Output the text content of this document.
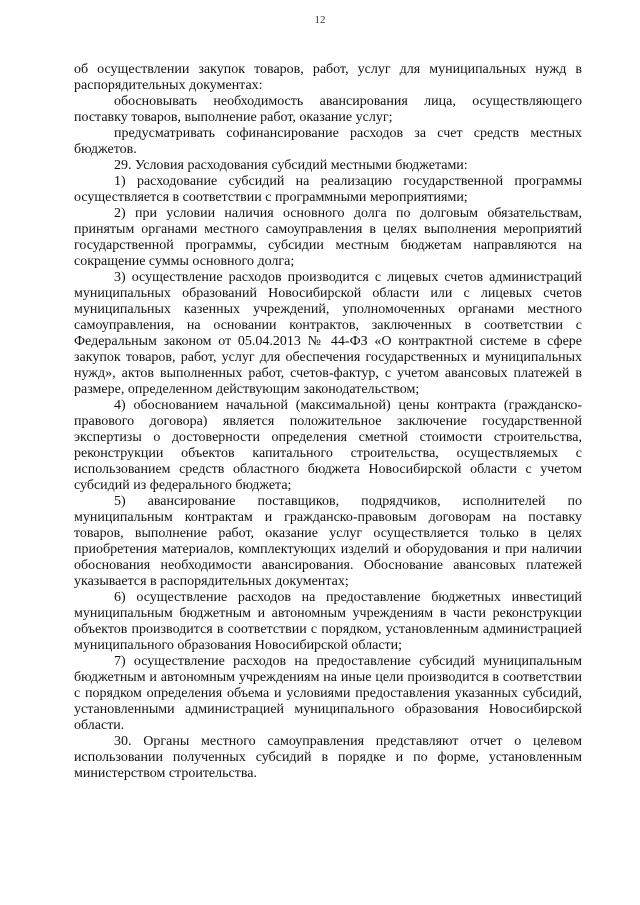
12

об осуществлении закупок товаров, работ, услуг для муниципальных нужд в распорядительных документах:

обосновывать необходимость авансирования лица, осуществляющего поставку товаров, выполнение работ, оказание услуг;

предусматривать софинансирование расходов за счет средств местных бюджетов.

29. Условия расходования субсидий местными бюджетами:

1) расходование субсидий на реализацию государственной программы осуществляется в соответствии с программными мероприятиями;

2) при условии наличия основного долга по долговым обязательствам, принятым органами местного самоуправления в целях выполнения мероприятий государственной программы, субсидии местным бюджетам направляются на сокращение суммы основного долга;

3) осуществление расходов производится с лицевых счетов администраций муниципальных образований Новосибирской области или с лицевых счетов муниципальных казенных учреждений, уполномоченных органами местного самоуправления, на основании контрактов, заключенных в соответствии с Федеральным законом от 05.04.2013 № 44-ФЗ «О контрактной системе в сфере закупок товаров, работ, услуг для обеспечения государственных и муниципальных нужд», актов выполненных работ, счетов-фактур, с учетом авансовых платежей в размере, определенном действующим законодательством;

4) обоснованием начальной (максимальной) цены контракта (гражданско-правового договора) является положительное заключение государственной экспертизы о достоверности определения сметной стоимости строительства, реконструкции объектов капитального строительства, осуществляемых с использованием средств областного бюджета Новосибирской области с учетом субсидий из федерального бюджета;

5) авансирование поставщиков, подрядчиков, исполнителей по муниципальным контрактам и гражданско-правовым договорам на поставку товаров, выполнение работ, оказание услуг осуществляется только в целях приобретения материалов, комплектующих изделий и оборудования и при наличии обоснования необходимости авансирования. Обоснование авансовых платежей указывается в распорядительных документах;

6) осуществление расходов на предоставление бюджетных инвестиций муниципальным бюджетным и автономным учреждениям в части реконструкции объектов производится в соответствии с порядком, установленным администрацией муниципального образования Новосибирской области;

7) осуществление расходов на предоставление субсидий муниципальным бюджетным и автономным учреждениям на иные цели производится в соответствии с порядком определения объема и условиями предоставления указанных субсидий, установленными администрацией муниципального образования Новосибирской области.

30. Органы местного самоуправления представляют отчет о целевом использовании полученных субсидий в порядке и по форме, установленным министерством строительства.
